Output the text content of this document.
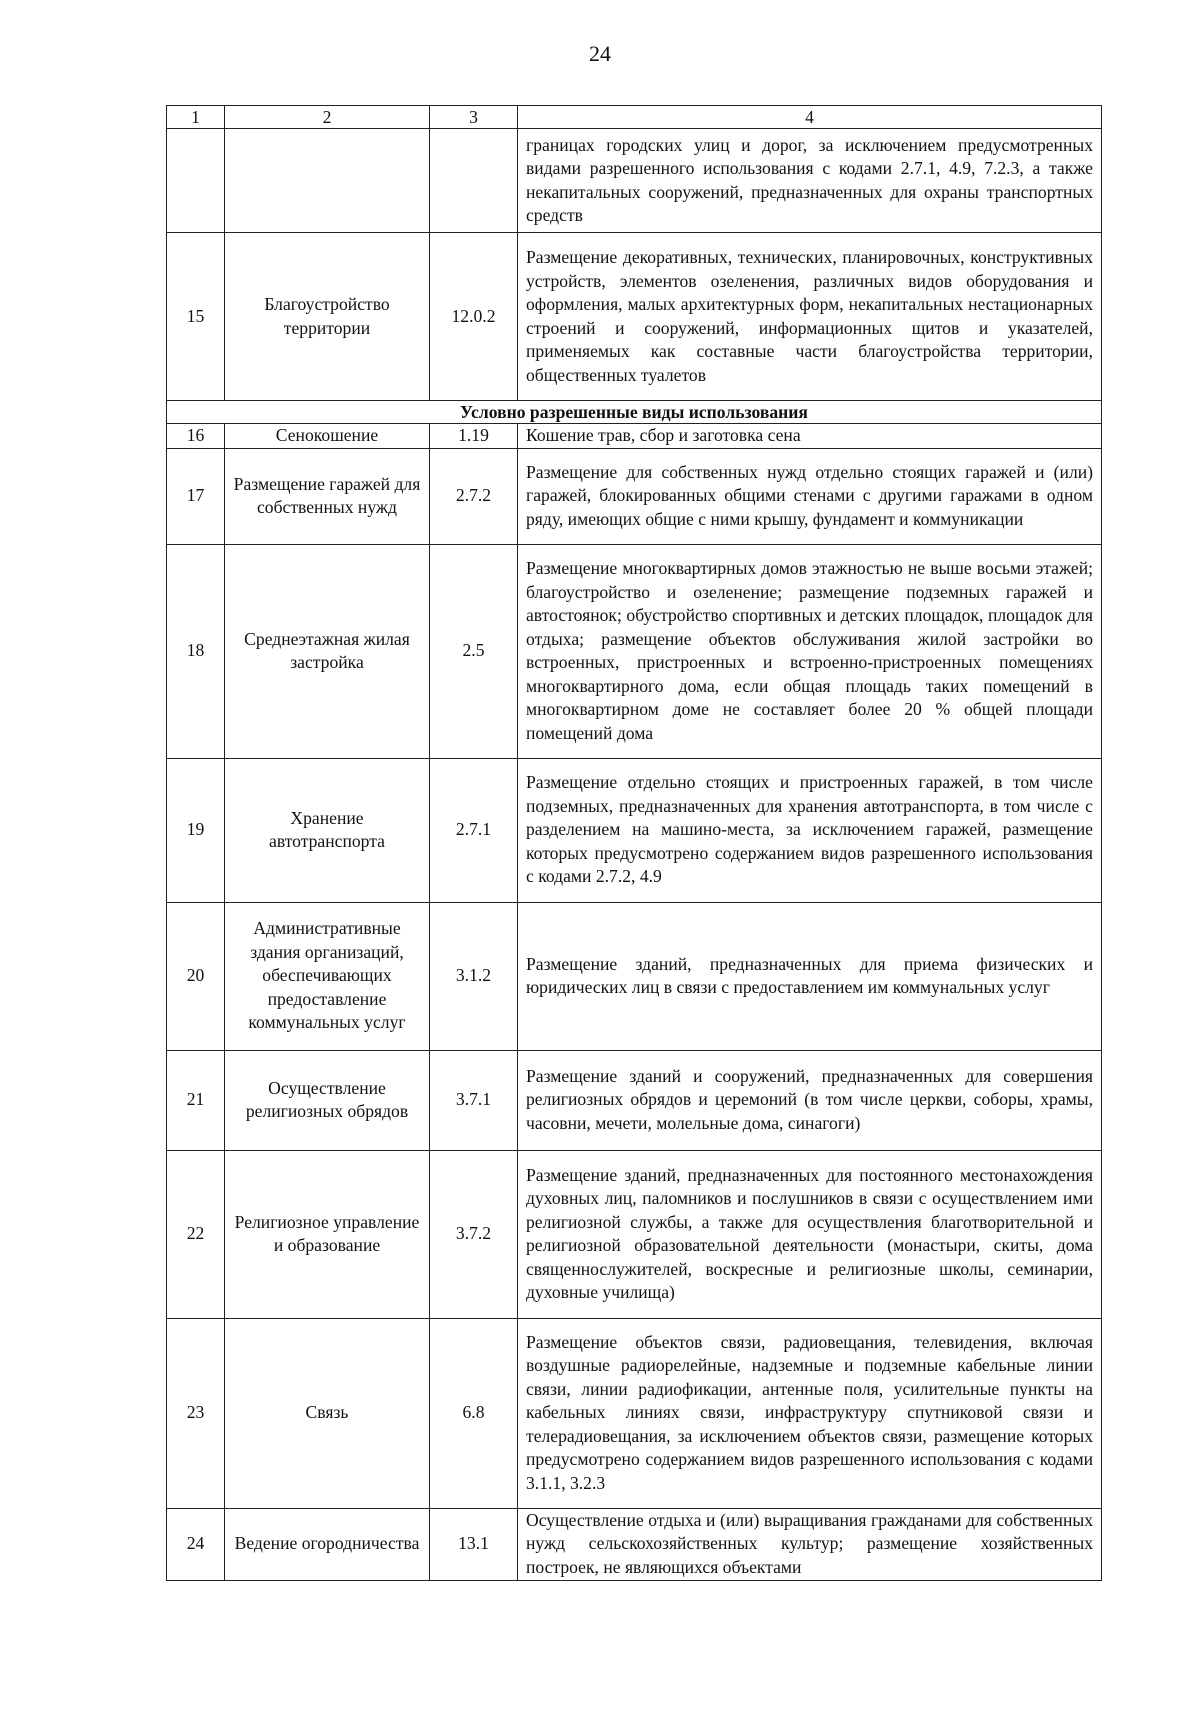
24
1	2	3	4
			границах городских улиц и дорог, за исключением предусмотренных видами разрешенного использования с кодами 2.7.1, 4.9, 7.2.3, а также некапитальных сооружений, предназначенных для охраны транспортных средств
15	Благоустройство территории	12.0.2	Размещение декоративных, технических, планировочных, конструктивных устройств, элементов озеленения, различных видов оборудования и оформления, малых архитектурных форм, некапитальных нестационарных строений и сооружений, информационных щитов и указателей, применяемых как составные части благоустройства территории, общественных туалетов
Условно разрешенные виды использования			
16	Сенокошение	1.19	Кошение трав, сбор и заготовка сена
17	Размещение гаражей для собственных нужд	2.7.2	Размещение для собственных нужд отдельно стоящих гаражей и (или) гаражей, блокированных общими стенами с другими гаражами в одном ряду, имеющих общие с ними крышу, фундамент и коммуникации
18	Среднеэтажная жилая застройка	2.5	Размещение многоквартирных домов этажностью не выше восьми этажей; благоустройство и озеленение; размещение подземных гаражей и автостоянок; обустройство спортивных и детских площадок, площадок для отдыха; размещение объектов обслуживания жилой застройки во встроенных, пристроенных и встроенно-пристроенных помещениях многоквартирного дома, если общая площадь таких помещений в многоквартирном доме не составляет более 20 % общей площади помещений дома
19	Хранение автотранспорта	2.7.1	Размещение отдельно стоящих и пристроенных гаражей, в том числе подземных, предназначенных для хранения автотранспорта, в том числе с разделением на машино-места, за исключением гаражей, размещение которых предусмотрено содержанием видов разрешенного использования с кодами 2.7.2, 4.9
20	Административные здания организаций, обеспечивающих предоставление коммунальных услуг	3.1.2	Размещение зданий, предназначенных для приема физических и юридических лиц в связи с предоставлением им коммунальных услуг
21	Осуществление религиозных обрядов	3.7.1	Размещение зданий и сооружений, предназначенных для совершения религиозных обрядов и церемоний (в том числе церкви, соборы, храмы, часовни, мечети, молельные дома, синагоги)
22	Религиозное управление и образование	3.7.2	Размещение зданий, предназначенных для постоянного местонахождения духовных лиц, паломников и послушников в связи с осуществлением ими религиозной службы, а также для осуществления благотворительной и религиозной образовательной деятельности (монастыри, скиты, дома священнослужителей, воскресные и религиозные школы, семинарии, духовные училища)
23	Связь	6.8	Размещение объектов связи, радиовещания, телевидения, включая воздушные радиорелейные, надземные и подземные кабельные линии связи, линии радиофикации, антенные поля, усилительные пункты на кабельных линиях связи, инфраструктуру спутниковой связи и телерадиовещания, за исключением объектов связи, размещение которых предусмотрено содержанием видов разрешенного использования с кодами 3.1.1, 3.2.3
24	Ведение огородничества	13.1	Осуществление отдыха и (или) выращивания гражданами для собственных нужд сельскохозяйственных культур; размещение хозяйственных построек, не являющихся объектами
